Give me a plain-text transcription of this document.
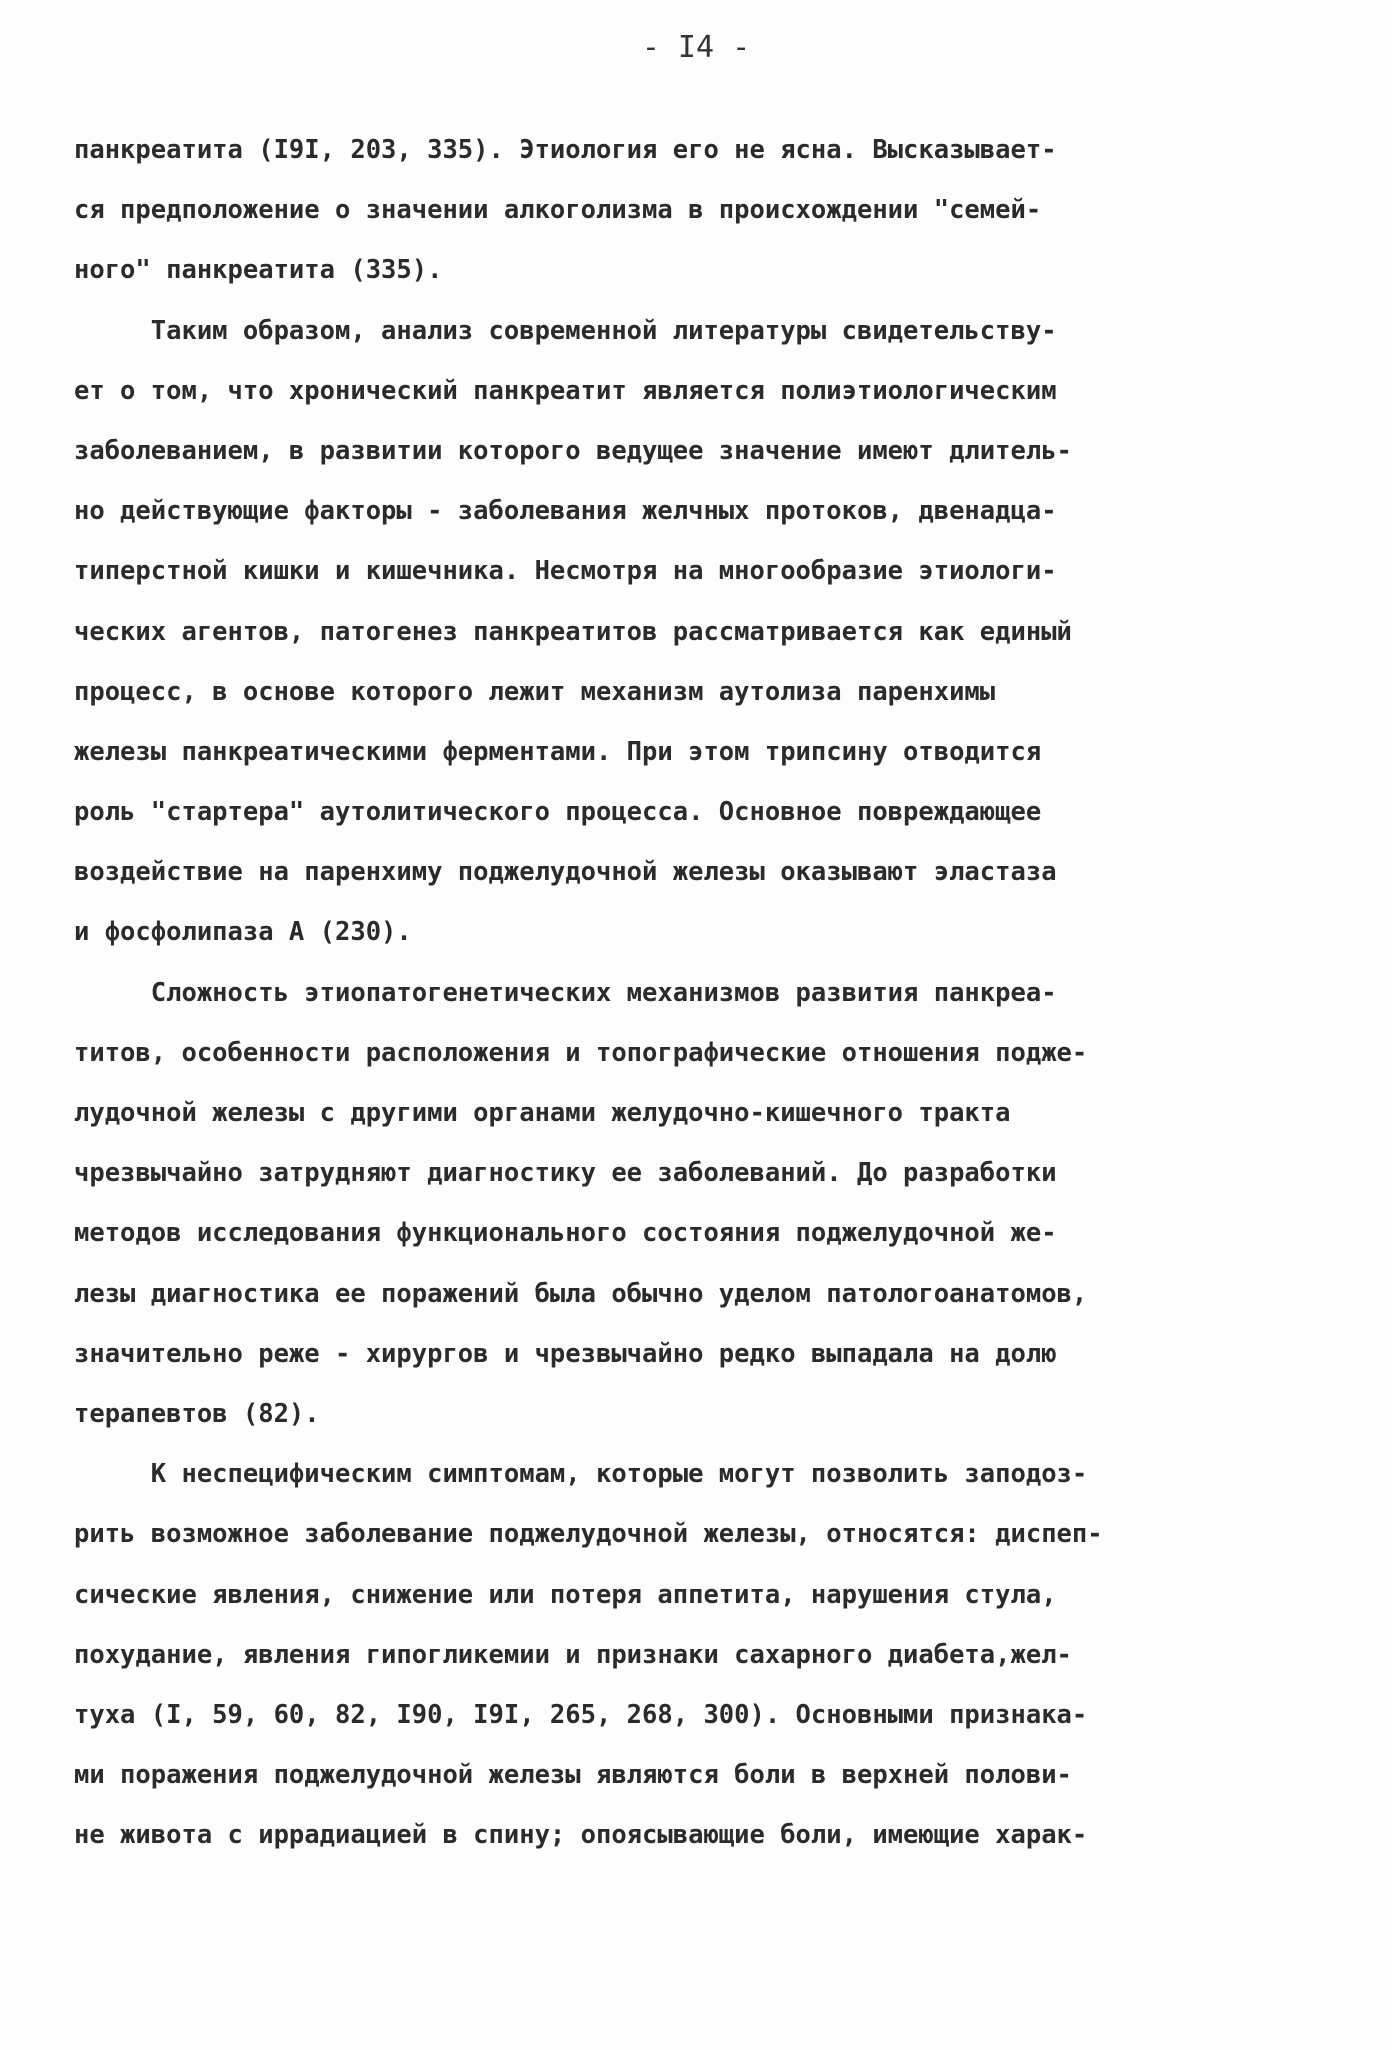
- I4 -
панкреатита (I9I, 203, 335). Этиология его не ясна. Высказывает-
ся предположение о значении алкоголизма в происхождении "семей-
ного" панкреатита (335).
Таким образом, анализ современной литературы свидетельству-
ет о том, что хронический панкреатит является полиэтиологическим
заболеванием, в развитии которого ведущее значение имеют длитель-
но действующие факторы - заболевания желчных протоков, двенадца-
типерстной кишки и кишечника. Несмотря на многообразие этиологи-
ческих агентов, патогенез панкреатитов рассматривается как единый
процесс, в основе которого лежит механизм аутолиза паренхимы
железы панкреатическими ферментами. При этом трипсину отводится
роль "стартера" аутолитического процесса. Основное повреждающее
воздействие на паренхиму поджелудочной железы оказывают эластаза
и фосфолипаза А (230).
Сложность этиопатогенетических механизмов развития панкреа-
титов, особенности расположения и топографические отношения подже-
лудочной железы с другими органами желудочно-кишечного тракта
чрезвычайно затрудняют диагностику ее заболеваний. До разработки
методов исследования функционального состояния поджелудочной же-
лезы диагностика ее поражений была обычно уделом патологоанатомов,
значительно реже - хирургов и чрезвычайно редко выпадала на долю
терапевтов (82).
К неспецифическим симптомам, которые могут позволить заподоз-
рить возможное заболевание поджелудочной железы, относятся: диспеп-
сические явления, снижение или потеря аппетита, нарушения стула,
похудание, явления гипогликемии и признаки сахарного диабета,жел-
туха (I, 59, 60, 82, I90, I9I, 265, 268, 300). Основными признака-
ми поражения поджелудочной железы являются боли в верхней полови-
не живота с иррадиацией в спину; опоясывающие боли, имеющие харак-
